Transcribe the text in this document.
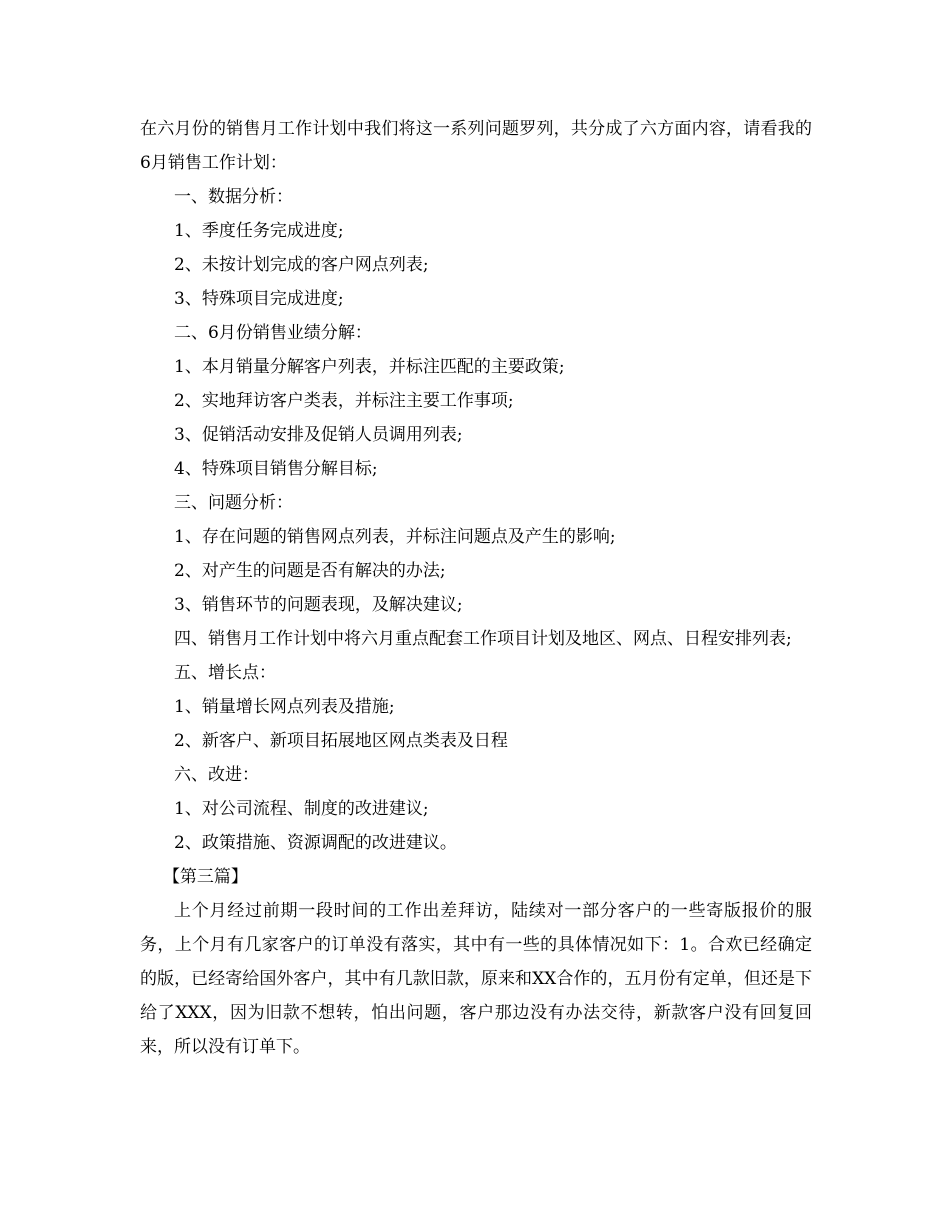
在六月份的销售月工作计划中我们将这一系列问题罗列，共分成了六方面内容，请看我的6月销售工作计划：

一、数据分析：

1、季度任务完成进度;

2、未按计划完成的客户网点列表;

3、特殊项目完成进度;

二、6月份销售业绩分解：

1、本月销量分解客户列表，并标注匹配的主要政策;

2、实地拜访客户类表，并标注主要工作事项;

3、促销活动安排及促销人员调用列表;

4、特殊项目销售分解目标;

三、问题分析：

1、存在问题的销售网点列表，并标注问题点及产生的影响;

2、对产生的问题是否有解决的办法;

3、销售环节的问题表现，及解决建议;

四、销售月工作计划中将六月重点配套工作项目计划及地区、网点、日程安排列表;

五、增长点：

1、销量增长网点列表及措施;

2、新客户、新项目拓展地区网点类表及日程

六、改进：

1、对公司流程、制度的改进建议;

2、政策措施、资源调配的改进建议。

【第三篇】

上个月经过前期一段时间的工作出差拜访，陆续对一部分客户的一些寄版报价的服务，上个月有几家客户的订单没有落实，其中有一些的具体情况如下：1。合欢已经确定的版，已经寄给国外客户，其中有几款旧款，原来和XX合作的，五月份有定单，但还是下给了XXX，因为旧款不想转，怕出问题，客户那边没有办法交待，新款客户没有回复回来，所以没有订单下。
